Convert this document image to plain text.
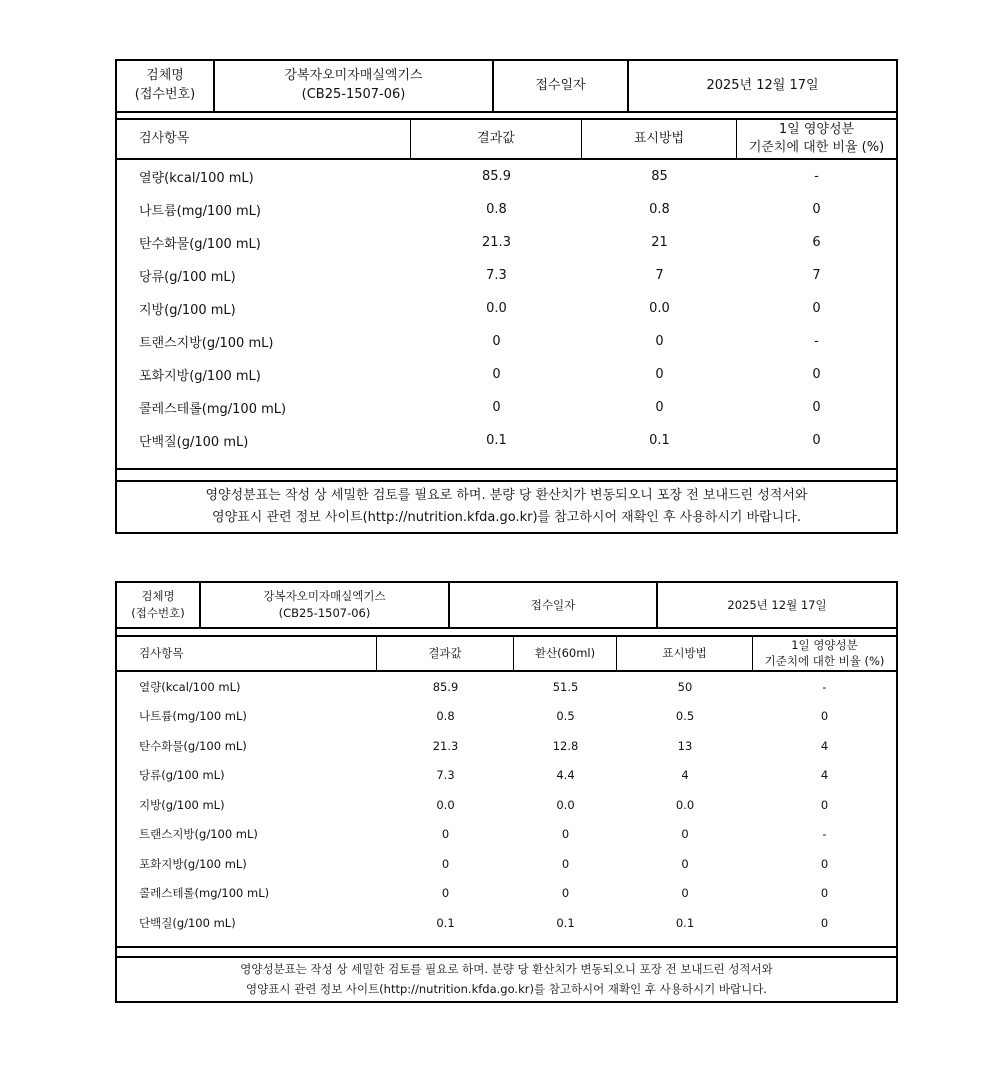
검체명
(접수번호)
강복자오미자매실엑기스
(CB25-1507-06)
접수일자	2025년 12월 17일
검사항목	결과값	표시방법
1일 영양성분
기준치에 대한 비율 (%)
열량(kcal/100 mL)	85.9	85	-
나트륨(mg/100 mL)	0.8	0.8	0
탄수화물(g/100 mL)	21.3	21	6
당류(g/100 mL)	7.3	7	7
지방(g/100 mL)	0.0	0.0	0
트랜스지방(g/100 mL)	0	0	-
포화지방(g/100 mL)	0	0	0
콜레스테롤(mg/100 mL)	0	0	0
단백질(g/100 mL)	0.1	0.1	0
영양성분표는 작성 상 세밀한 검토를 필요로 하며. 분량 당 환산치가 변동되오니 포장 전 보내드린 성적서와
영양표시 관련 정보 사이트(http://nutrition.kfda.go.kr)를 참고하시어 재확인 후 사용하시기 바랍니다.
검체명
(접수번호)
강복자오미자매실엑기스
(CB25-1507-06)
접수일자	2025년 12월 17일
검사항목	결과값	환산(60ml)	표시방법
1일 영양성분
기준치에 대한 비율 (%)
열량(kcal/100 mL)	85.9	51.5	50	-
나트륨(mg/100 mL)	0.8	0.5	0.5	0
탄수화물(g/100 mL)	21.3	12.8	13	4
당류(g/100 mL)	7.3	4.4	4	4
지방(g/100 mL)	0.0	0.0	0.0	0
트랜스지방(g/100 mL)	0	0	0	-
포화지방(g/100 mL)	0	0	0	0
콜레스테롤(mg/100 mL)	0	0	0	0
단백질(g/100 mL)	0.1	0.1	0.1	0
영양성분표는 작성 상 세밀한 검토를 필요로 하며. 분량 당 환산치가 변동되오니 포장 전 보내드린 성적서와
영양표시 관련 정보 사이트(http://nutrition.kfda.go.kr)를 참고하시어 재확인 후 사용하시기 바랍니다.
